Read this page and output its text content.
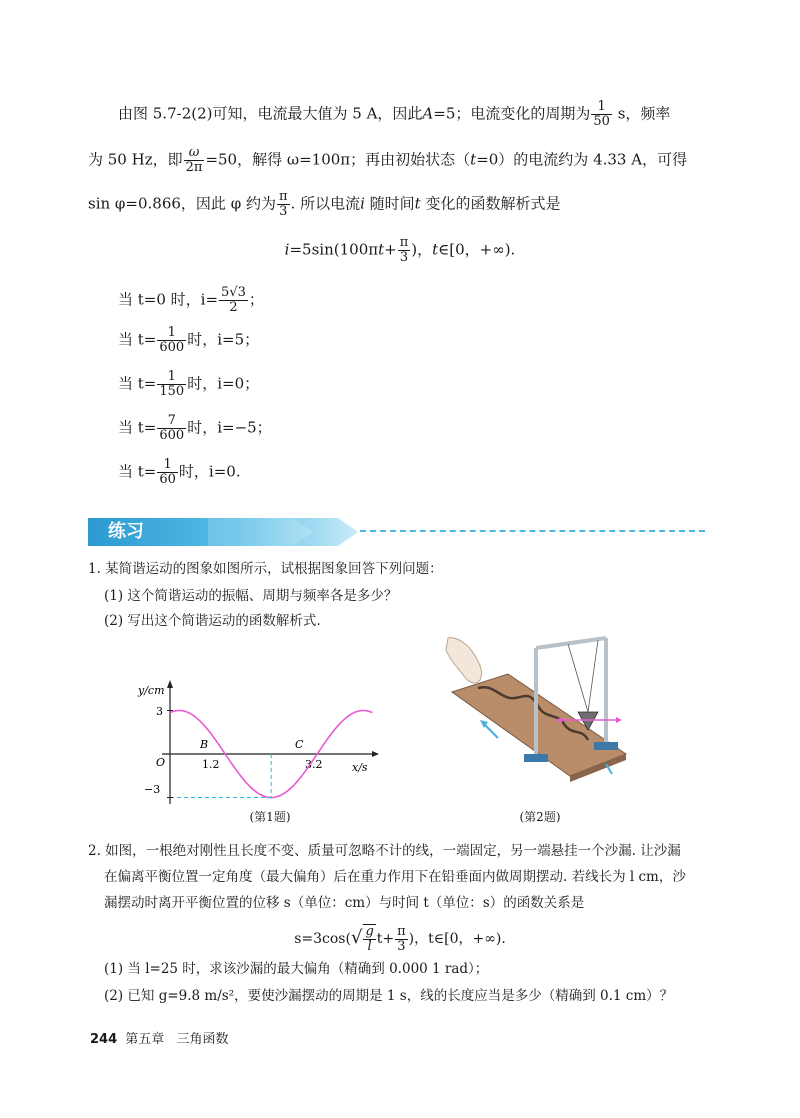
由图 5.7-2(2)可知，电流最大值为 5 A，因此A=5；电流变化的周期为 $\frac{1}{50}$ s，频率
为 50 Hz，即 $\frac{\omega}{2\pi} =50$，解得 ω=100π；再由初始状态（t=0）的电流约为 4.33 A，可得
sin φ=0.866，因此 φ 约为 $\frac{\pi}{3}$ . 所以电流i 随时间t 变化的函数解析式是
$i=5\sin(100\pi t+ \frac{\pi}{3}$ )，t∈[0，+∞).
当 t=0 时，$i= \frac{5√3}{2}$ ；
当 $t= \frac{1}{600}$ 时，i=5；
当 $t= \frac{1}{150}$ 时，i=0；
当 $t= \frac{7}{600}$ 时，i=−5；
当 $t= \frac{1}{60}$ 时，i=0.
练习
1. 某简谐运动的图象如图所示，试根据图象回答下列问题：
(1) 这个简谐运动的振幅、周期与频率各是多少？
(2) 写出这个简谐运动的函数解析式.
y/cm
x/s
O
3
−3
B	C
1.2	3.2
(第1题)	(第2题)
2. 如图，一根绝对刚性且长度不变、质量可忽略不计的线，一端固定，另一端悬挂一个沙漏. 让沙漏
在偏离平衡位置一定角度（最大偏角）后在重力作用下在铅垂面内做周期摆动. 若线长为 l cm，沙
漏摆动时离开平衡位置的位移 s（单位：cm）与时间 t（单位：s）的函数关系是
$s=3\cos(√ \frac{g}{l} t+ \frac{\pi}{3}$ )，t∈[0，+∞).
(1) 当 l=25 时，求该沙漏的最大偏角（精确到 0.000 1 rad）；
(2) 已知 g=9.8 m/s²，要使沙漏摆动的周期是 1 s，线的长度应当是多少（精确到 0.1 cm）？
244 第五章 三角函数
